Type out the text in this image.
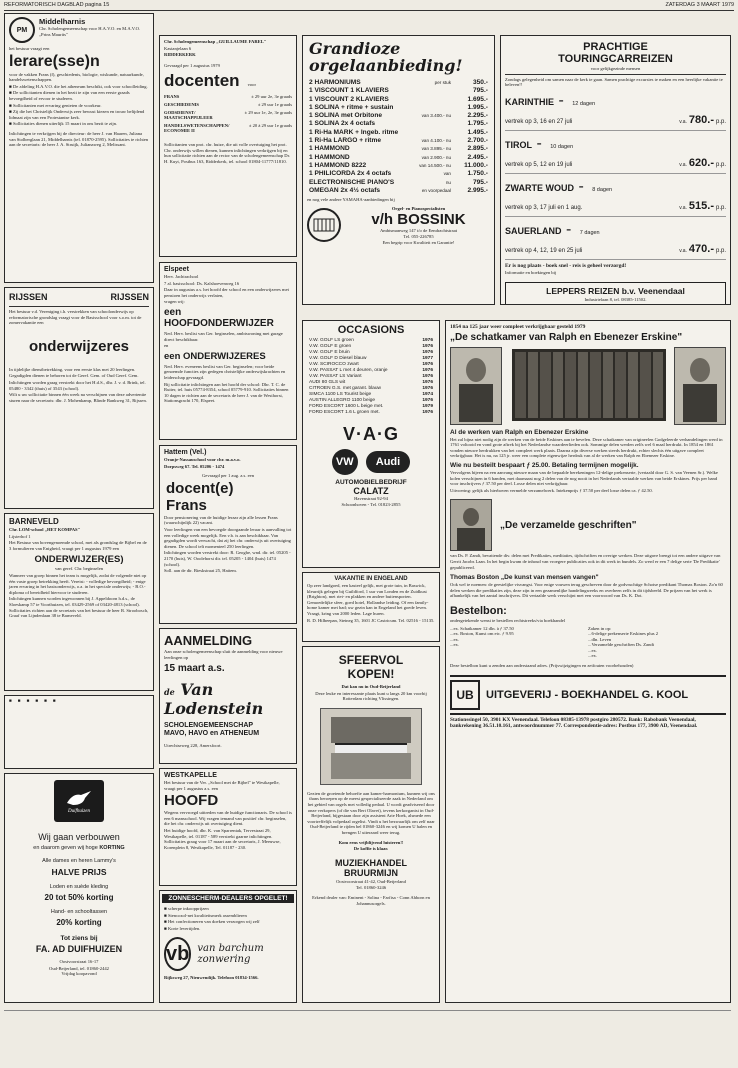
REFORMATORISCH DAGBLAD pagina 15	ZATERDAG 3 MAART 1979
PM
Middelharnis
Chr. Scholengemeenschap voor H.A.V.O. en M.A.V.O.
„Prins Maurits"
het bestuur vraagt een
lerare(sse)n
voor de vakken Frans (f), geschiedenis, biologie, wiskunde, natuurkunde, handelswetenschappen.
■ De afdeling H.A.V.O. die het atheneum beschikt, ook voor schoolleiding.
■ De sollicitanten dienen in het bezit te zijn van een eerste graads bevoegdheid of ervoor te studeren.
■ Sollicitanten met ervaring genieten de voorkeur.
■ Zij die het Christelijk Onderwijs zeer bewust kiezen en trouw belijdend lidmaat zijn van een Protestantse kerk.
■ Sollicitaties dienen uiterlijk 15 maart in ons bezit te zijn.
Inlichtingen te verkrijgen bij de directeur: de heer J. van Haaren, Juliana van Stolberglaan 21, Middelharnis (tel. 01870-2595). Sollicitaties te richten aan de secretaris: de heer J. A. Struijk, Julianaweg 2, Melissant.
RIJSSEN	RIJSSEN
Het bestuur v.d. Vereniging t.h. verstrekken van schoolonderwijs op reformatorische grondslag vraagt voor de Basisschool voor s.o.m. tot de zomervakantie een
onderwijzeres
In tijdelijke dienstbetrekking, voor een eerste klas met 20 leerlingen.
Gegadigden dienen te behoren tot de Geref. Gem. of Oud Geref. Gem.
Inlichtingen worden graag verstrekt door het H.d.S., dhr. J. v. d. Brink, tel. 05480 - 3342 (thuis) of 3543 (school).
Wilt u uw sollicitatie binnen één week na verschijnen van deze advertentie sturen naar de secretaris: dhr. J. Mohenkamp, Blinde Bankweg 31, Rijssen.
BARNEVELD
Chr. LOM-school „HET KOMPAS"
Lijsterhof 1
Het Bestuur van bovengenoemde school, met als grondslag de Bijbel en de 3 formulieren van Enigheid, vraagt per 1 augustus 1979 een
ONDERWIJZER(ES)
van geref. Chr. beginselen
Wanneer van groep binnen het team is mogelijk, zodat de volgende niet op één vaste groep betrekking heeft. Vereist: - volledige bevoegdheid; - enige jaren ervaring in het basisonderwijs, o.a. in het speciale onderwijs; - B.O.-diploma of bereidheid hiervoor te studeren.
Inlichtingen kunnen worden ingewonnen bij J. Appeldoorn h.d.s., de Sloeskamp 57 te Voorthuizen, tel. 03429-2569 of 03420-4813 (school). Sollicitaties richten aan de secretaris van het bestuur de heer R. Stroobosch, Graaf van Lijndenlaan 38 te Barneveld.
■
■
■
■
■
■
Duifhuizen
Wij gaan verbouwen
en daarom geven wij hoge KORTING
Alle dames en heren Lammy's
HALVE PRIJS
Loden en suède kleding
20 tot 50% korting
Hand- en schooltassen
20% korting
Tot ziens bij
FA. AD DUIFHUIZEN
Oostvoorstraat 16-17
Oud-Beijerland, tel. 01860-2442
Vrijdag koopavond
Chr. Scholengemeenschap „GUILLAUME FAREL"
Kastanjelaan 6
RIDDERKERK
Gevraagd per 1 augustus 1979
docenten voor
FRANS	± 29 uur 2e, 3e graads
GESCHIEDENIS	± 29 uur 1e graads
GODSDIENST/ MAATSCHAPPIJLEER
± 29 uur 1e, 2e, 3e graads
HANDELSWETENSCHAPPEN/ ECONOMIE II
± 20 à 29 uur 1e graads
Sollicitanten van prot. chr. huize, die uit volle overtuiging het prot. Chr. onderwijs willen dienen, kunnen inlichtingen verkrijgen bij en hun sollicitatie richten aan de rector van de scholengemeenschap Dr. H. Kuyt, Postbus 163, Ridderkerk, tel. school 01804-11777/11810.
Elspeet
Herv. Jachtrachool
7 al. basisschool: Ds. Kalshoevenweg 16
Daar in augustus a.s. het hoofd der school en een onderwijzeres met pensioen het onderwijs verlaten,
vragen wij:
een HOOFDONDERWIJZER
Ned. Herv. beslist van Ger. beginselen, ambtswoning met garage direct beschikbaar.
en
een ONDERWIJZERES
Ned. Herv. eveneens beslist van Ger. beginselen; voor beide genoemde functies zijn gedegen christelijke onderwijskrachten en leiderschap gevraagd.
Bij sollicitatie inlichtingen aan het hoofd der school: Dhr. T. C. de Ruiter, tel. huis 05774-8354, school 05779-910. Sollicitaties binnen 10 dagen te richten aan de secretaris de heer J. van de Westhorst, Stationsgracht 170, Elspeet.
Hattem (Vel.)
Oranje-Nassauschool voor chr. m.a.v.o.
Dorpsweg 67. Tel. 05206 - 1474
Gevraagd per 1 aug. a.s. een
docent(e)
Frans
Door pensionering van de huidige leraar zijn alle lessen Frans (waarschijnlijk 22) vacant.
Voor leerlingen van een bevoegde doorgaande leraar is aanvulling tot een volledige week mogelijk. Een v.b. is aan beschikbaar. Van gegadigden wordt verwacht, dat zij het chr. onderwijs uit overtuiging dienen. De school telt momenteel 250 leerlingen.
Inlichtingen worden verstrekt door: R. Geoghe, wnd. dir. tel. 05205 - 2170 (huis), W. Ooolehorst dir. tel. 05205 - 1404 (huis) 1474 (school).
Soll. aan de dir. Bieskstraat 25, Hattem.
AANMELDING
Aan onze scholengemeenschap sluit de aanmelding voor nieuwe leerlingen op
15 maart a.s.
de Van Lodenstein
SCHOLENGEMEENSCHAP
MAVO, HAVO en ATHENEUM
Utrechtseweg 228, Amersfoort.
WESTKAPELLE
Het bestuur van de Ver. „School met de Bijbel" te Westkapelle, vraagt per 1 augustus a.s. een
HOOFD
Wegens vervroegd uittreden van de huidige functionaris. De school is een 6 mansschool. Wij vragen iemand van positief chr. beginselen, die het chr. onderwijs uit overtuiging dient.
Het huidige hoofd, dhr. K. van Sparrentak, Tervestraat 29, Westkapelle, tel. 01187 - 589 verstrekt gaarne inlichtingen. Sollicitaties graag voor 17 maart aan de secretaris, J. Meeuwse, Korenplein 8, Westkapelle, Tel. 01187 - 230.
ZONNESCHERM-DEALERS OPGELET!
■ scherpe inkoopprijzen
■ Stencozol-net kwaliteitsmerk assemblieren
■ Het confectioneren van doeken verzorgen wij zelf
■ Korte levertijden.
vb van barchum zonwering
Rijksweg 27, Nieuwendijk. Telefoon 01834-1566.
Grandioze
orgelaanbieding!
2 HARMONIUMS	per stuk	350.-
1 VISCOUNT 1 KLAVIERS	795.-
1 VISCOUNT 2 KLAVIERS	1.695.-
1 SOLINA + ritme + sustain	1.995.-
1 SOLINA met Orbitone	van 3.400.- nu	2.295.-
1 SOLINA 2x 4 octafs	1.795.-
1 Ri-Ha MARK + Ingeb. ritme	1.495.-
1 Ri-Ha LARGO + ritme	van 4.100.- nu	2.700.-
1 HAMMOND	van 3.895.- nu	2.895.-
1 HAMMOND	van 2.900.- nu	2.495.-
1 HAMMOND 8222	van 14.500.- nu	11.000.-
1 PHILICORDA 2x 4 octafs	van	1.750.-
ELECTRONISCHE PIANO'S	nu	795.-
OMEGAN 2x 4½ octafs	en voorpedaal	2.995.-
en nog vele andere YAMAHA-aanbiedingen bij
Orgel- en Pianospecialisten
v/h BOSSINK
Ambtsmanweg 147 t/o de Eendrachtstraat
Tel. 055-226785
Een begrip voor Kwaliteit en Garantie!
PRACHTIGE
TOURINGCARREIZEN
voor gelijkgezinde mensen
Zondags gelegenheid om samen naar de kerk te gaan. Samen prachtige excursies te maken en een heerlijke vakantie te beleven!!
KARINTHIE - 12 dagen
vertrek op 3, 16 en 27 juli	v.a. 780.- p.p.
TIROL - 10 dagen
vertrek op 5, 12 en 19 juli	v.a. 620.- p.p.
ZWARTE WOUD - 8 dagen
vertrek op 3, 17 juli en 1 aug.	v.a. 515.- p.p.
SAUERLAND - 7 dagen
vertrek op 4, 12, 19 en 25 juli	v.a. 470.- p.p.
Er is nog plaats - boek snel - reis is geheel verzorgd!
Informatie en boekingen bij
LEPPERS REIZEN b.v. Veenendaal
Industrielaan 8, tel. 08385-11502.
OCCASIONS
V.W. GOLF LS groen	1976
V.W. GOLF E groen	1976
V.W. GOLF E bruin	1976
V.W. GOLF D Diesel blauw	1977
V.W. SCIROCCO zwart	1976
V.W. PASSAT L met 4 deuren, oranje	1976
V.W. PASSAT LS Variant	1976
AUDI 80 GLS wit	1976
CITROEN G.S. met garant. blauw	1976
SIMCA 1100 LS Tourist beige	1974
AUSTIN ALLEGRO 1100 beige	1976
FORD ESCORT 1600 L beige met.	1979
FORD ESCORT 1.6 L groen met.	1976
V·A·G
VW	Audi
AUTOMOBIELBEDRIJF
CALATZ
Havenstraat 92-94
Schoonhoven - Tel. 01823-2855
VAKANTIE IN ENGELAND
Op zeer landgoed, een kasteel gelijk, met grote tuin, in Baswick, kleurrijk gelegen bij Guildford, 1 uur van Londen en de Zuidkust (Brighton), met riet- en plakken en andere buitensporten. Gemoedelijke sfeer, goed hotel, Hollandse leiding. Of een family-home kamer met bad; uw gezin kan in Engeland het goede leven. Vraagt, kring van 2000 leden. Lage huren.
R. D. Hilbeepan, Steineg 35, 1601 JC Castricum. Tel. 02516 - 15135.
SFEERVOL
KOPEN!
Dat kan nu in Oud-Beijerland
Deze leuke en interessante plaats kunt u langs 20 km voorbij Rotterdam richting Vlissingen.
Gezien de groeiende behoefte aan kamer-harmonium, kunnen wij ons thans beroepen op de meest gespecialiseerde zaak in Nederland om het gebied van orgels met volledig pedaal. U wordt geadviseerd door onze verkopers (of die van Bert Olavet), tevens kerkorganist in Oud-Beijerland, bijgestaan door zijn assistent Arie Hoek, alsmede een voortreffelijk volpedaal orgelist. Vindt u het bezwaarlijk om zelf naar Oud-Beijerland te rijden bel 01860-3246 en wij komen U halen en brengen U uiteraard weer terug.
Kom eens vrijblijvend luisteren!!
De koffie is klaar.
MUZIEKHANDEL
BRUURMIJN
Oostvoorstraat 41-42, Oud-Beijerland
Tel. 01860-3246
Erkend dealer van: Eminent - Solina - Farfisa - Conn Ahborn en Johannusorgels.
1854 na 125 jaar weer compleet verkrijgbaar gesteld 1979
„De schatkamer van Ralph en Ebenezer Erskine"
Al de werken van Ralph en Ebenezer Erskine
Het zal bijna niet nodig zijn de werken van de beide Erskines aan te bevelen. Deze schatkamer van origineelen Godgeleerde verhandelingen werd in 1761 voltooid en vond grote aftrek bij het Nederlandse waardeerlieden ook. Sommige delen werden zelfs wel 6 maal herdrukt. In 1854 en 1861 vonden nieuwe herdrukken van het compleet werk plaats. Daarna zijn diverse werken steeds herdrukt, echter slechts één uitgave compleet verkrijgbaar. Het is nu, na 125 jr. weer een complete eigenwijze herdruk van al de werken van Ralph en Ebenezer Erskine.
Wie nu besteilt bespaart ƒ 25.00. Betaling termijnen mogelijk.
Vervolgens bijeen na een aanvang nieuwe maan van de bepaalde berekeningen 12-delige prekenserie, (vertaald door G. S. van Veenen Sr.). Welke kolen verschijnen in 6 banden, met daarnaast nog 2 delen van de nog nooit in het Nederlands vertaalde werken van beide Erskines. Prijs per band voor inschrijvers ƒ 37.50 per deel. Losse delen niet verkrijgbaar.
Uitvoering: gelijk als hierboven vermelde verzamelwerk. Intekenprijs ƒ 37.50 per deel losse delen ca. ƒ 42.50.
„De verzamelde geschriften"
van Ds. P. Zandt, bevattende div. delen met Predikaties, meditaties, tijdschriften en overige werken. Deze uitgave brengt tot een andere uitgave van Gerrit Jacobs Laan. In het begin kwam de inhoud van vroegere publicaties ook in dit werk in bundels. Zo werd er een 7 delige serie 'De Predikatie' gepubliceerd.
Thomas Boston „De kunst van mensen vangen"
Ook wel te noemen: de geestelijke visvangst. Voor enige vouwen terug geschreven door de godvruchtige Schotse predikant Thomas Boston. Zo'n 60 delen werken die predikaties zijn, deze zijn in een gezamenlijke handelingsreeks en overheen zelfs in dit tijdsbeeld. De prijzen van het werk is afhankelijk van het aantal inschrijvers. Dit vertaalde werk verschijnt met een voorwoord van Ds. K. Dot.
Bestelbon:
ondergetekende wenst te bestellen rechtstreeks/via boekhandel
...ex. Schatkamer 12 dln. à ƒ 37.50
...ex. Boston, Kunst om etc. ƒ 9.95
...ex.
...ex.
Zaken in op:
...6-delige prekenserie Erskines plus 2
...dln. Leven
...Verzamelde geschriften Ds. Zandt
...ex.
...ex.
Deze bestelbon kunt u zenden aan onderstaand adres. (Prijswijzigingen en zetfouten voorbehouden)
UB	UITGEVERIJ - BOEKHANDEL G. KOOL
Stationssingel 50, 3901 KX Veenendaal. Telefoon 08385-13978 postgiro 280572. Bank: Rabobank Veenendaal, bankrekening 36.51.10.161, antwoordnummer 77. Correspondentie-adres: Postbus 177, 3900 AD, Veenendaal.
